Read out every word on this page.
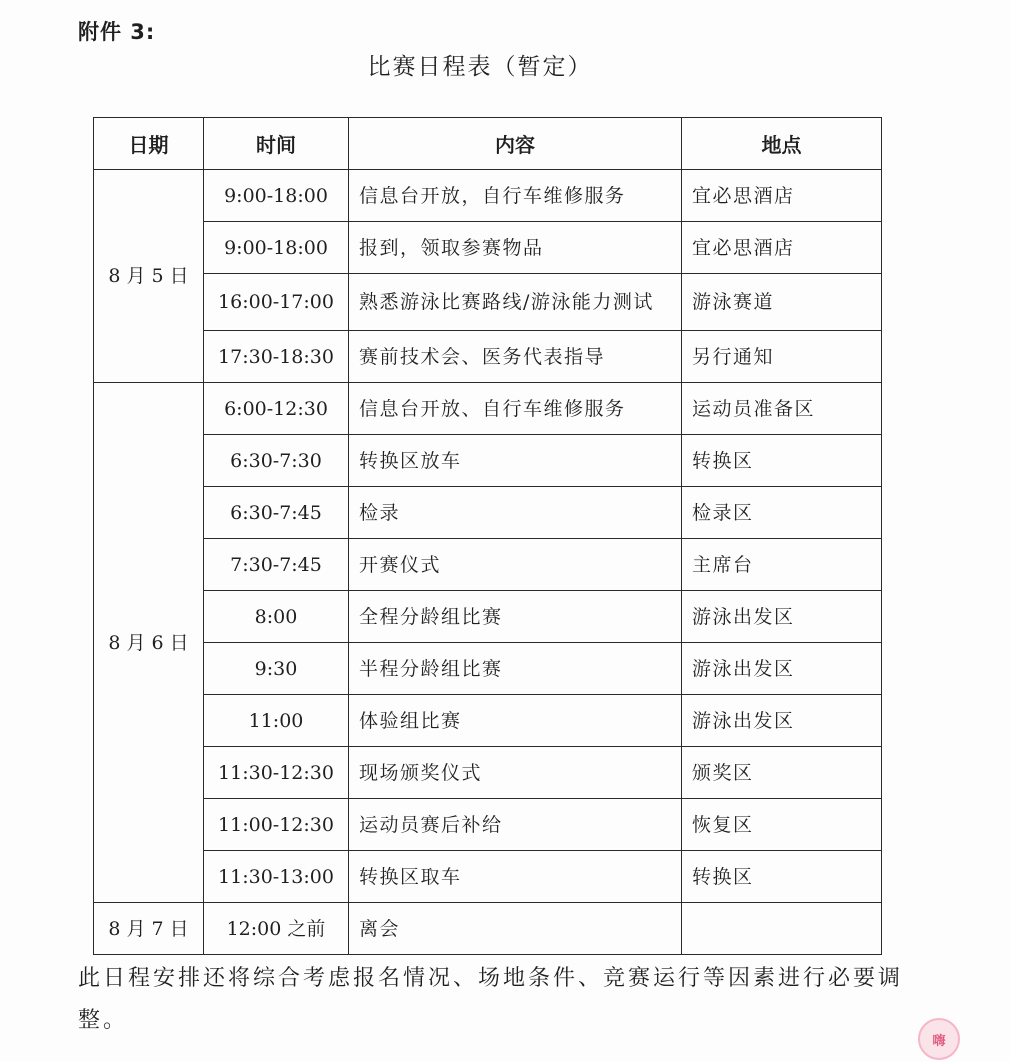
附件 3:
比赛日程表（暂定）
日期	时间	内容	地点
8 月 5 日	9:00-18:00	信息台开放，自行车维修服务	宜必思酒店
	9:00-18:00	报到，领取参赛物品	宜必思酒店
	16:00-17:00	熟悉游泳比赛路线/游泳能力测试	游泳赛道
	17:30-18:30	赛前技术会、医务代表指导	另行通知
8 月 6 日	6:00-12:30	信息台开放、自行车维修服务	运动员准备区
	6:30-7:30	转换区放车	转换区
	6:30-7:45	检录	检录区
	7:30-7:45	开赛仪式	主席台
	8:00	全程分龄组比赛	游泳出发区
	9:30	半程分龄组比赛	游泳出发区
	11:00	体验组比赛	游泳出发区
	11:30-12:30	现场颁奖仪式	颁奖区
	11:00-12:30	运动员赛后补给	恢复区
	11:30-13:00	转换区取车	转换区
8 月 7 日	12:00 之前	离会	
此日程安排还将综合考虑报名情况、场地条件、竞赛运行等因素进行必要调整。
嗨
